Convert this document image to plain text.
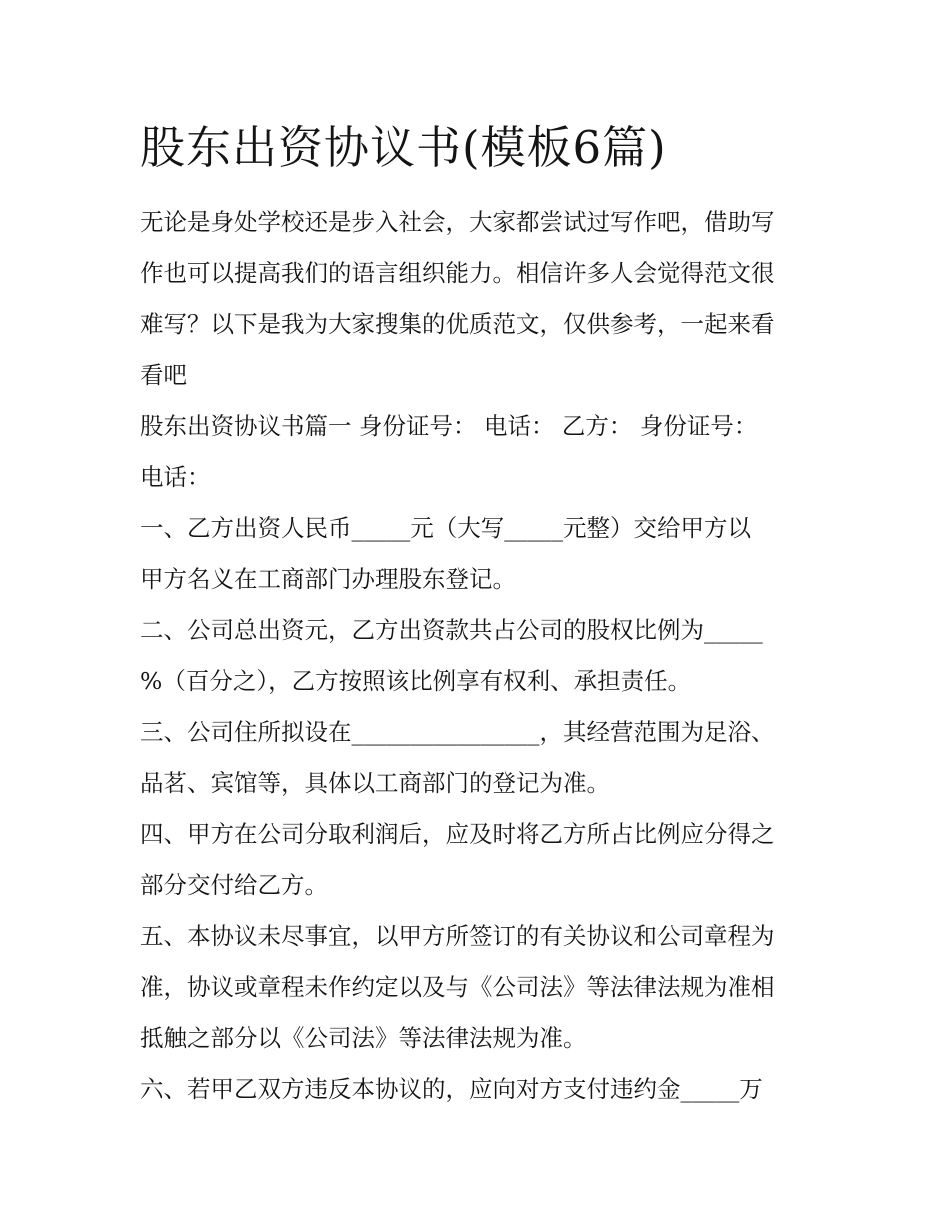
股东出资协议书(模板6篇)

无论是身处学校还是步入社会，大家都尝试过写作吧，借助写
作也可以提高我们的语言组织能力。相信许多人会觉得范文很
难写？以下是我为大家搜集的优质范文，仅供参考，一起来看
看吧

股东出资协议书篇一 身份证号： 电话： 乙方： 身份证号：
电话：

一、乙方出资人民币_____元（大写_____元整）交给甲方以
甲方名义在工商部门办理股东登记。

二、公司总出资元，乙方出资款共占公司的股权比例为_____
%（百分之），乙方按照该比例享有权利、承担责任。

三、公司住所拟设在________________，其经营范围为足浴、
品茗、宾馆等，具体以工商部门的登记为准。

四、甲方在公司分取利润后，应及时将乙方所占比例应分得之
部分交付给乙方。

五、本协议未尽事宜，以甲方所签订的有关协议和公司章程为
准，协议或章程未作约定以及与《公司法》等法律法规为准相
抵触之部分以《公司法》等法律法规为准。

六、若甲乙双方违反本协议的，应向对方支付违约金_____万
